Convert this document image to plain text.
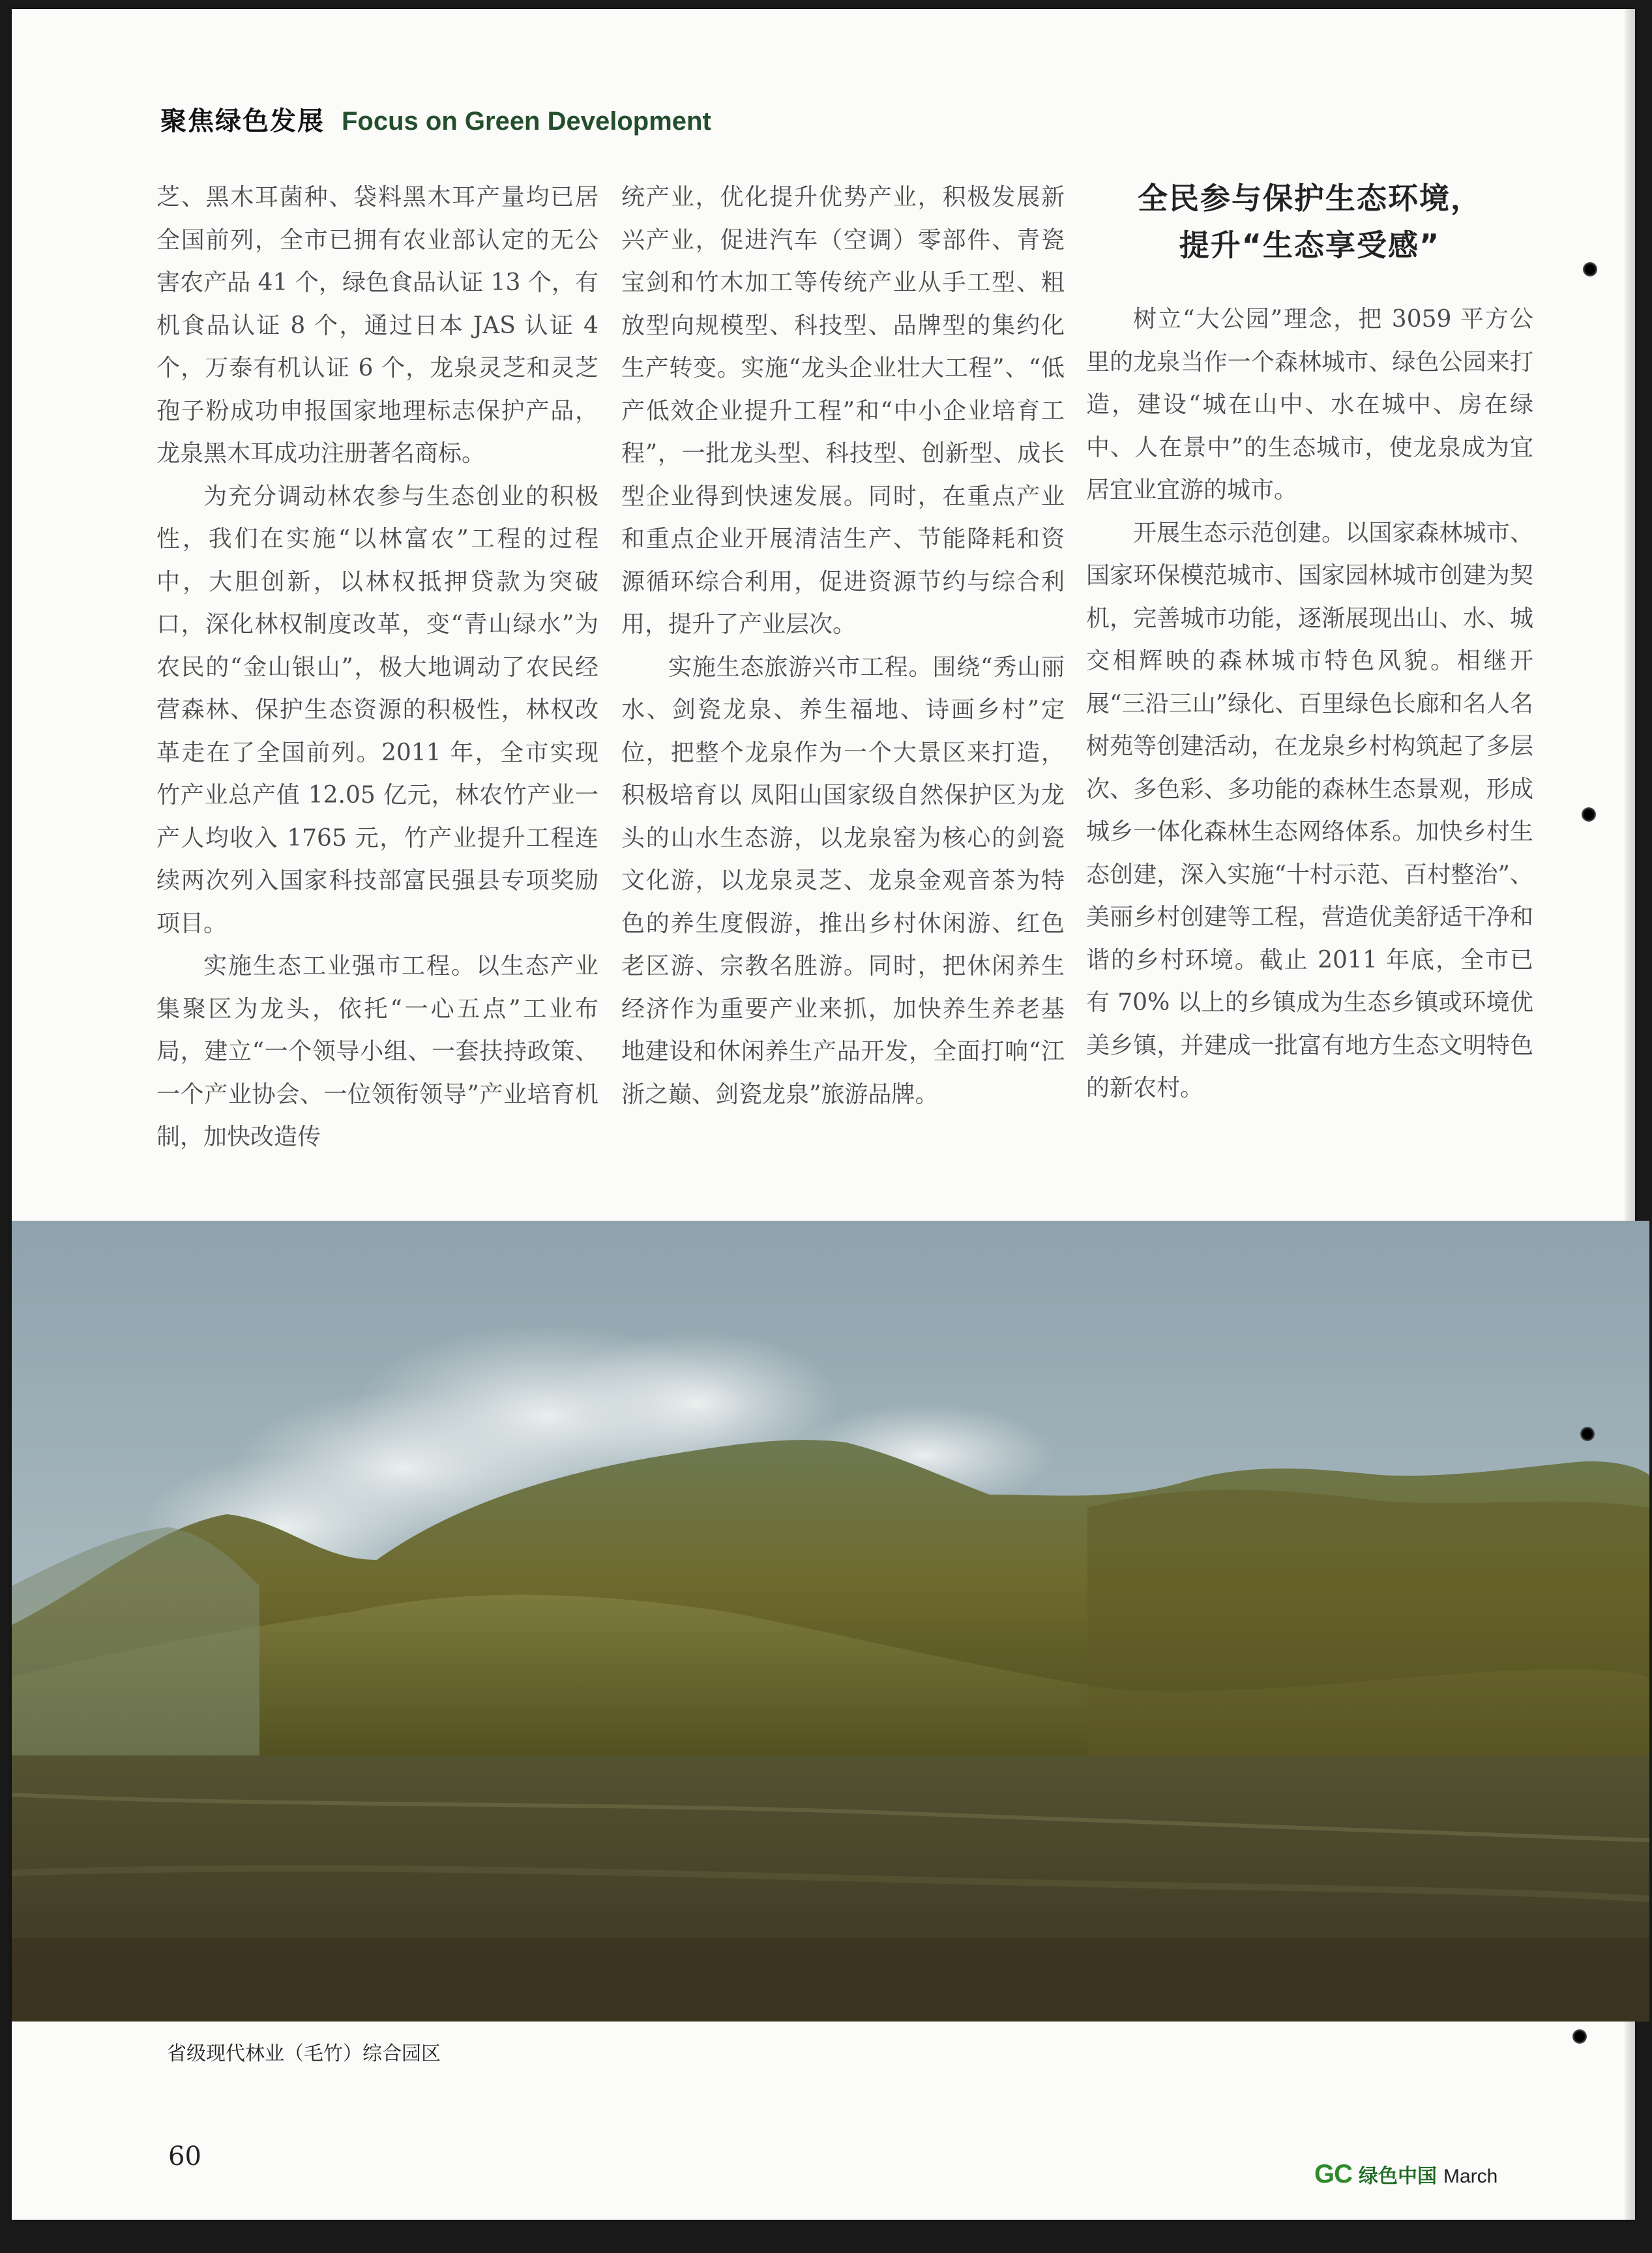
聚焦绿色发展 Focus on Green Development

芝、黑木耳菌种、袋料黑木耳产量均已居全国前列，全市已拥有农业部认定的无公害农产品 41 个，绿色食品认证 13 个，有机食品认证 8 个，通过日本 JAS 认证 4 个，万泰有机认证 6 个，龙泉灵芝和灵芝孢子粉成功申报国家地理标志保护产品，龙泉黑木耳成功注册著名商标。

为充分调动林农参与生态创业的积极性，我们在实施“以林富农”工程的过程中，大胆创新，以林权抵押贷款为突破口，深化林权制度改革，变“青山绿水”为农民的“金山银山”，极大地调动了农民经营森林、保护生态资源的积极性，林权改革走在了全国前列。2011 年，全市实现竹产业总产值 12.05 亿元，林农竹产业一产人均收入 1765 元，竹产业提升工程连续两次列入国家科技部富民强县专项奖励项目。

实施生态工业强市工程。以生态产业集聚区为龙头，依托“一心五点”工业布局，建立“一个领导小组、一套扶持政策、一个产业协会、一位领衔领导”产业培育机制，加快改造传

统产业，优化提升优势产业，积极发展新兴产业，促进汽车（空调）零部件、青瓷宝剑和竹木加工等传统产业从手工型、粗放型向规模型、科技型、品牌型的集约化生产转变。实施“龙头企业壮大工程”、“低产低效企业提升工程”和“中小企业培育工程”，一批龙头型、科技型、创新型、成长型企业得到快速发展。同时，在重点产业和重点企业开展清洁生产、节能降耗和资源循环综合利用，促进资源节约与综合利用，提升了产业层次。

实施生态旅游兴市工程。围绕“秀山丽水、剑瓷龙泉、养生福地、诗画乡村”定位，把整个龙泉作为一个大景区来打造，积极培育以 凤阳山国家级自然保护区为龙头的山水生态游，以龙泉窑为核心的剑瓷文化游，以龙泉灵芝、龙泉金观音茶为特色的养生度假游，推出乡村休闲游、红色老区游、宗教名胜游。同时，把休闲养生经济作为重要产业来抓，加快养生养老基地建设和休闲养生产品开发，全面打响“江浙之巅、剑瓷龙泉”旅游品牌。

全民参与保护生态环境，
提升“生态享受感”

树立“大公园”理念，把 3059 平方公里的龙泉当作一个森林城市、绿色公园来打造，建设“城在山中、水在城中、房在绿中、人在景中”的生态城市，使龙泉成为宜居宜业宜游的城市。

开展生态示范创建。以国家森林城市、国家环保模范城市、国家园林城市创建为契机，完善城市功能，逐渐展现出山、水、城交相辉映的森林城市特色风貌。相继开展“三沿三山”绿化、百里绿色长廊和名人名树苑等创建活动，在龙泉乡村构筑起了多层次、多色彩、多功能的森林生态景观，形成城乡一体化森林生态网络体系。加快乡村生态创建，深入实施“十村示范、百村整治”、美丽乡村创建等工程，营造优美舒适干净和谐的乡村环境。截止 2011 年底，全市已有 70% 以上的乡镇成为生态乡镇或环境优美乡镇，并建成一批富有地方生态文明特色的新农村。

省级现代林业（毛竹）综合园区
60
GC 绿色中国 March
